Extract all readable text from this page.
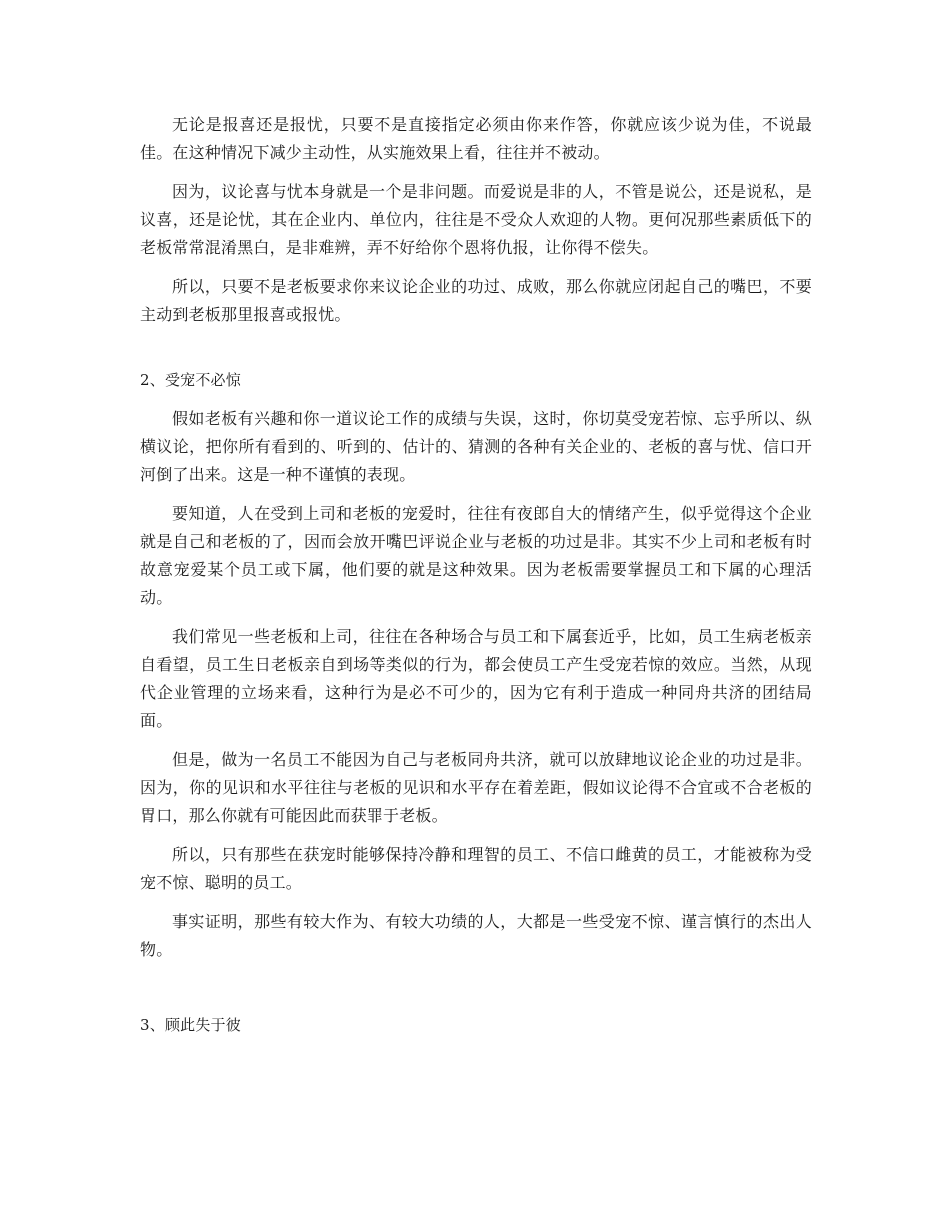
无论是报喜还是报忧，只要不是直接指定必须由你来作答，你就应该少说为佳，不说最佳。在这种情况下减少主动性，从实施效果上看，往往并不被动。

因为，议论喜与忧本身就是一个是非问题。而爱说是非的人，不管是说公，还是说私，是议喜，还是论忧，其在企业内、单位内，往往是不受众人欢迎的人物。更何况那些素质低下的老板常常混淆黑白，是非难辨，弄不好给你个恩将仇报，让你得不偿失。

所以，只要不是老板要求你来议论企业的功过、成败，那么你就应闭起自己的嘴巴，不要主动到老板那里报喜或报忧。

2、受宠不必惊

假如老板有兴趣和你一道议论工作的成绩与失误，这时，你切莫受宠若惊、忘乎所以、纵横议论，把你所有看到的、听到的、估计的、猜测的各种有关企业的、老板的喜与忧、信口开河倒了出来。这是一种不谨慎的表现。

要知道，人在受到上司和老板的宠爱时，往往有夜郎自大的情绪产生，似乎觉得这个企业就是自己和老板的了，因而会放开嘴巴评说企业与老板的功过是非。其实不少上司和老板有时故意宠爱某个员工或下属，他们要的就是这种效果。因为老板需要掌握员工和下属的心理活动。

我们常见一些老板和上司，往往在各种场合与员工和下属套近乎，比如，员工生病老板亲自看望，员工生日老板亲自到场等类似的行为，都会使员工产生受宠若惊的效应。当然，从现代企业管理的立场来看，这种行为是必不可少的，因为它有利于造成一种同舟共济的团结局面。

但是，做为一名员工不能因为自己与老板同舟共济，就可以放肆地议论企业的功过是非。因为，你的见识和水平往往与老板的见识和水平存在着差距，假如议论得不合宜或不合老板的胃口，那么你就有可能因此而获罪于老板。

所以，只有那些在获宠时能够保持冷静和理智的员工、不信口雌黄的员工，才能被称为受宠不惊、聪明的员工。

事实证明，那些有较大作为、有较大功绩的人，大都是一些受宠不惊、谨言慎行的杰出人物。

3、顾此失于彼
